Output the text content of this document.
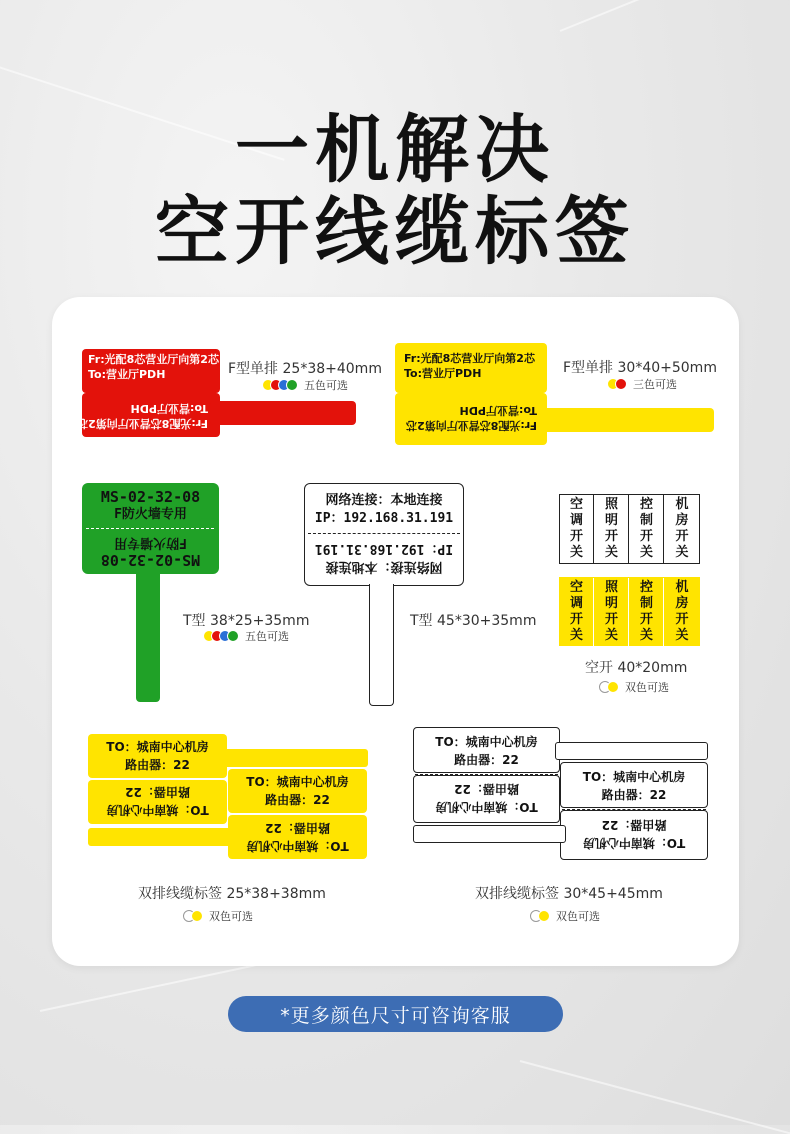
一机解决
空开线缆标签
Fr:光配8芯营业厅向第2芯
To:营业厅PDH
Fr:光配8芯营业厅向第2芯
To:营业厅PDH
F型单排 25*38+40mm
五色可选
Fr:光配8芯营业厅向第2芯
To:营业厅PDH
Fr:光配8芯营业厅向第2芯
To:营业厅PDH
F型单排 30*40+50mm
三色可选
MS-02-32-08
F防火墙专用
MS-02-32-08
F防火墙专用
T型 38*25+35mm
五色可选
网络连接：本地连接
IP：192.168.31.191
网络连接：本地连接
IP：192.168.31.191
T型 45*30+35mm
空
调
开
关
照
明
开
关
控
制
开
关
机
房
开
关
空
调
开
关
照
明
开
关
控
制
开
关
机
房
开
关
空开 40*20mm
双色可选
TO：城南中心机房
路由器：22
TO：城南中心机房
路由器：22
TO：城南中心机房
路由器：22
TO：城南中心机房
路由器：22
双排线缆标签 25*38+38mm
双色可选
TO：城南中心机房
路由器：22
TO：城南中心机房
路由器：22
TO：城南中心机房
路由器：22
TO：城南中心机房
路由器：22
双排线缆标签 30*45+45mm
双色可选
*更多颜色尺寸可咨询客服
